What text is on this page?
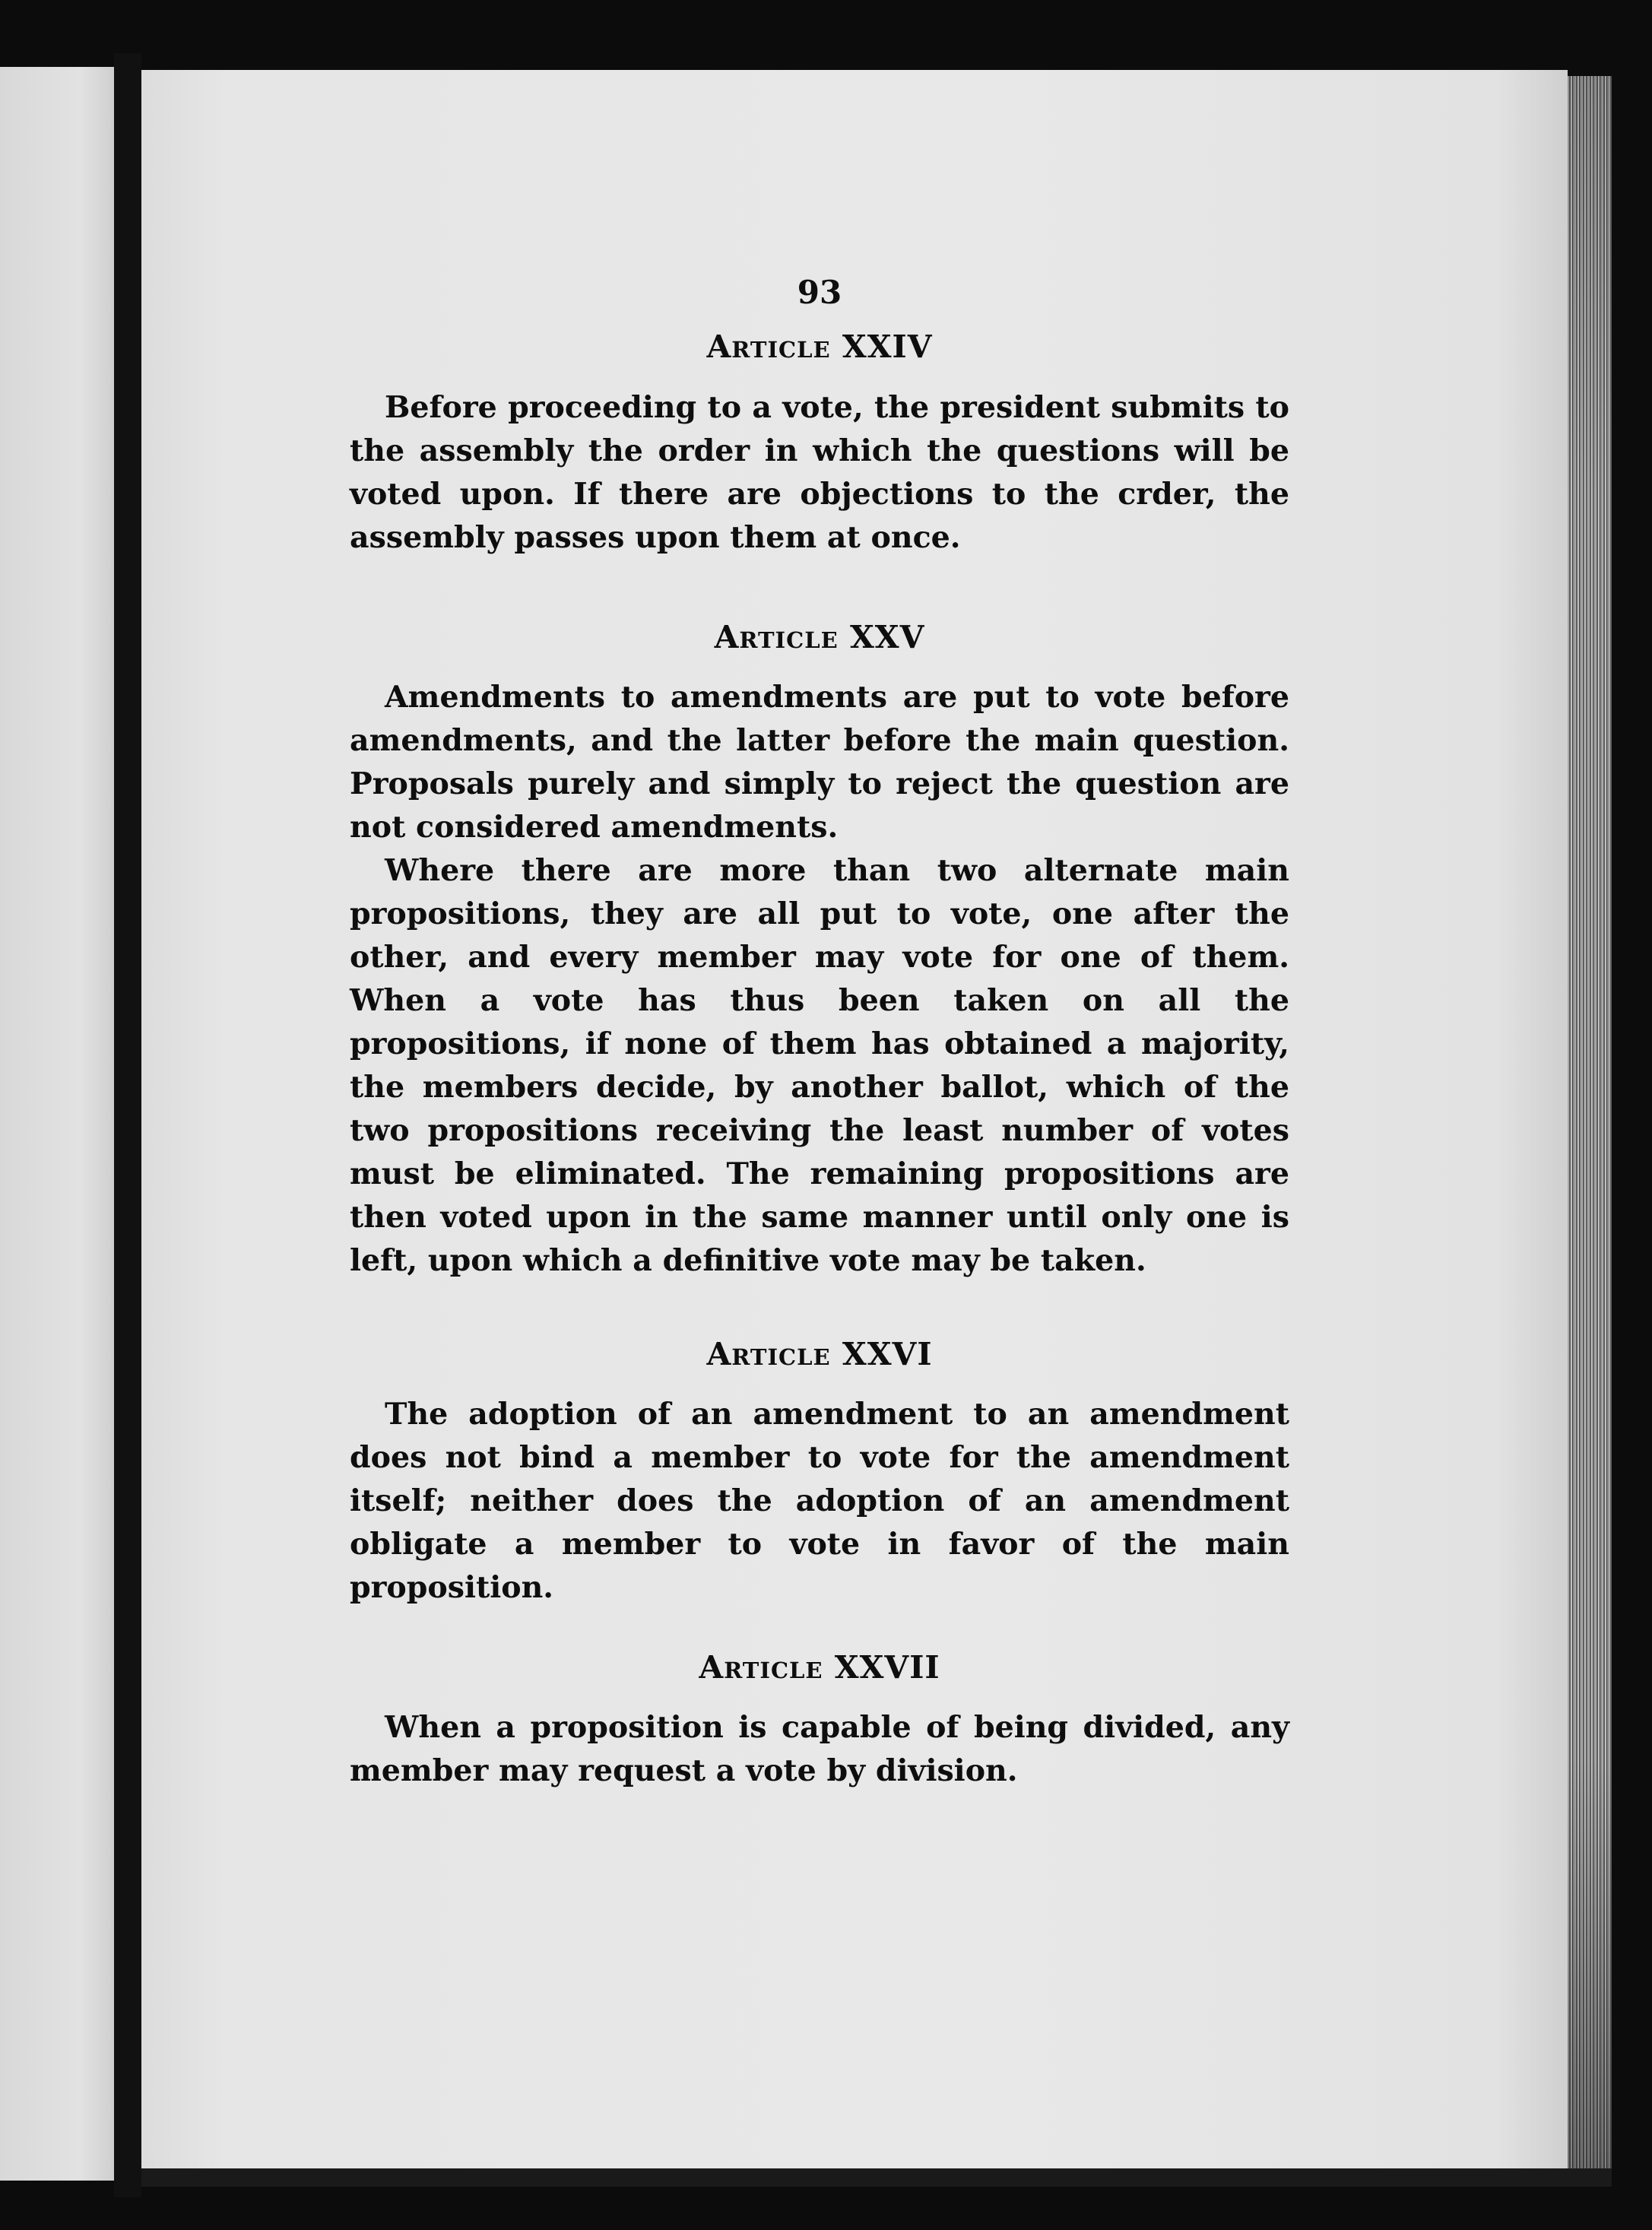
93
Article XXIV

Before proceeding to a vote, the president submits to the assembly the order in which the questions will be voted upon. If there are objections to the crder, the assembly passes upon them at once.

Article XXV

Amendments to amendments are put to vote before amendments, and the latter before the main question. Proposals purely and simply to reject the question are not considered amendments.

Where there are more than two alternate main propositions, they are all put to vote, one after the other, and every member may vote for one of them. When a vote has thus been taken on all the propositions, if none of them has obtained a majority, the members decide, by another ballot, which of the two propositions receiving the least number of votes must be eliminated. The remaining propositions are then voted upon in the same manner until only one is left, upon which a definitive vote may be taken.

Article XXVI

The adoption of an amendment to an amendment does not bind a member to vote for the amendment itself; neither does the adoption of an amendment obligate a member to vote in favor of the main proposition.

Article XXVII

When a proposition is capable of being divided, any member may request a vote by division.
